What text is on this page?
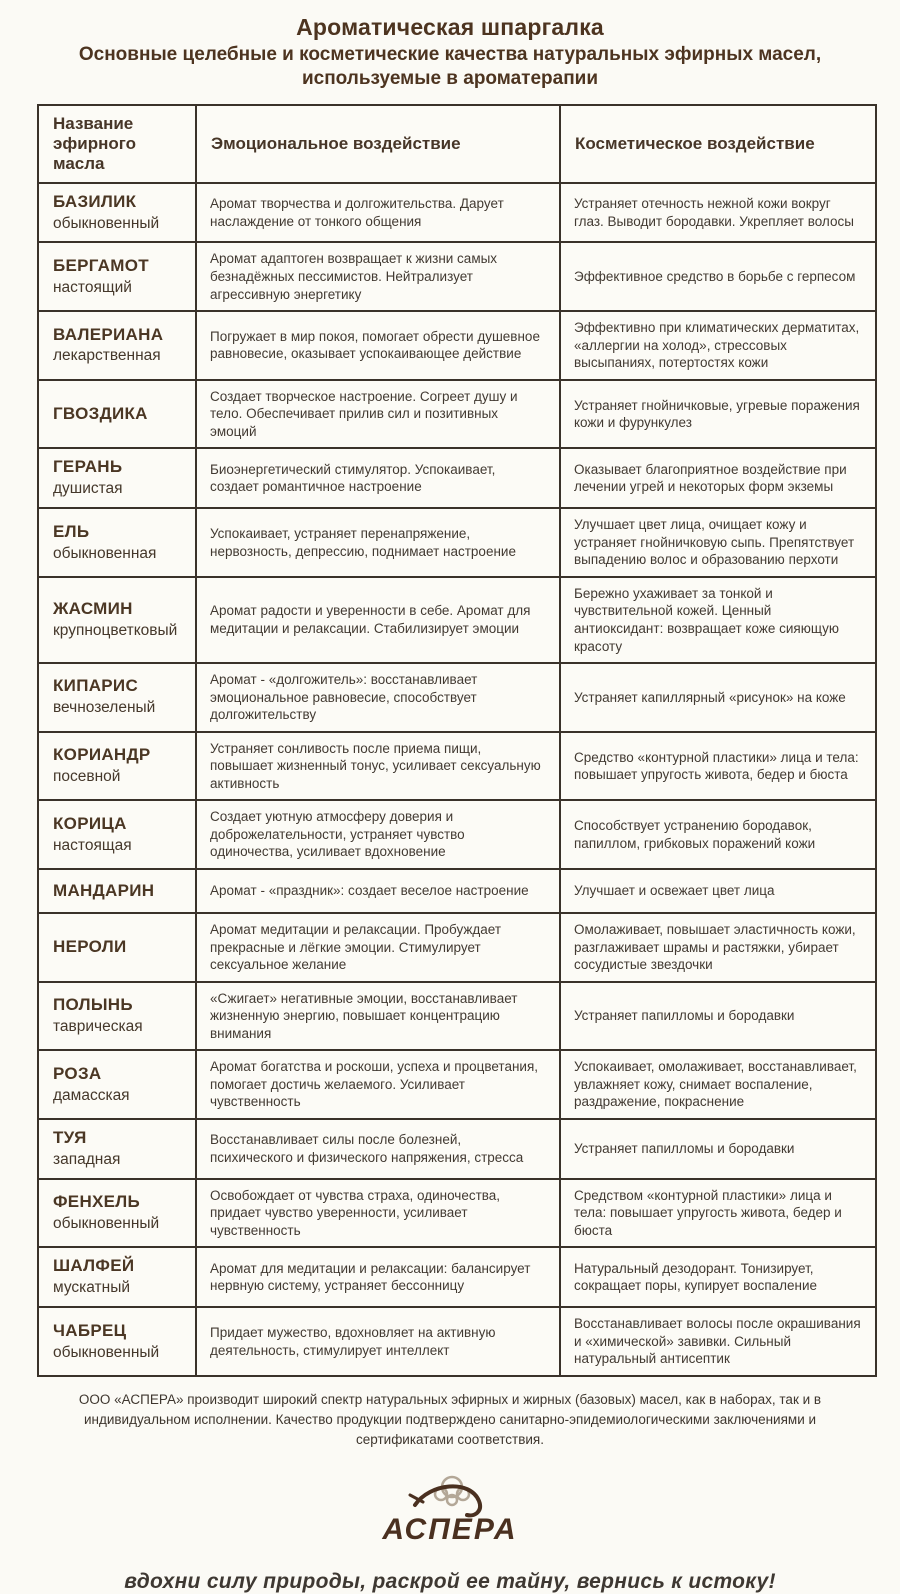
Ароматическая шпаргалка
Основные целебные и косметические качества натуральных эфирных масел, используемые в ароматерапии
Название эфирного масла	Эмоциональное воздействие	Косметическое воздействие

БАЗИЛИК
обыкновенный	Аромат творчества и долгожительства. Дарует наслаждение от тонкого общения	Устраняет отечность нежной кожи вокруг глаз. Выводит бородавки. Укрепляет волосы

БЕРГАМОТ
настоящий	Аромат адаптоген возвращает к жизни самых безнадёжных пессимистов. Нейтрализует агрессивную энергетику	Эффективное средство в борьбе с герпесом

ВАЛЕРИАНА
лекарственная	Погружает в мир покоя, помогает обрести душевное равновесие, оказывает успокаивающее действие	Эффективно при климатических дерматитах, «аллергии на холод», стрессовых высыпаниях, потертостях кожи

ГВОЗДИКА	Создает творческое настроение. Согреет душу и тело. Обеспечивает прилив сил и позитивных эмоций	Устраняет гнойничковые, угревые поражения кожи и фурункулез

ГЕРАНЬ
душистая	Биоэнергетический стимулятор. Успокаивает, создает романтичное настроение	Оказывает благоприятное воздействие при лечении угрей и некоторых форм экземы

ЕЛЬ
обыкновенная	Успокаивает, устраняет перенапряжение, нервозность, депрессию, поднимает настроение	Улучшает цвет лица, очищает кожу и устраняет гнойничковую сыпь. Препятствует выпадению волос и образованию перхоти

ЖАСМИН
крупноцветковый	Аромат радости и уверенности в себе. Аромат для медитации и релаксации. Стабилизирует эмоции	Бережно ухаживает за тонкой и чувствительной кожей. Ценный антиоксидант: возвращает коже сияющую красоту

КИПАРИС
вечнозеленый	Аромат - «долгожитель»: восстанавливает эмоциональное равновесие, способствует долгожительству	Устраняет капиллярный «рисунок» на коже

КОРИАНДР
посевной	Устраняет сонливость после приема пищи, повышает жизненный тонус, усиливает сексуальную активность	Средство «контурной пластики» лица и тела: повышает упругость живота, бедер и бюста

КОРИЦА
настоящая	Создает уютную атмосферу доверия и доброжелательности, устраняет чувство одиночества, усиливает вдохновение	Способствует устранению бородавок, папиллом, грибковых поражений кожи

МАНДАРИН	Аромат - «праздник»: создает веселое настроение	Улучшает и освежает цвет лица

НЕРОЛИ	Аромат медитации и релаксации. Пробуждает прекрасные и лёгкие эмоции. Стимулирует сексуальное желание	Омолаживает, повышает эластичность кожи, разглаживает шрамы и растяжки, убирает сосудистые звездочки

ПОЛЫНЬ
таврическая	«Сжигает» негативные эмоции, восстанавливает жизненную энергию, повышает концентрацию внимания	Устраняет папилломы и бородавки

РОЗА
дамасская	Аромат богатства и роскоши, успеха и процветания, помогает достичь желаемого. Усиливает чувственность	Успокаивает, омолаживает, восстанавливает, увлажняет кожу, снимает воспаление, раздражение, покраснение

ТУЯ
западная	Восстанавливает силы после болезней, психического и физического напряжения, стресса	Устраняет папилломы и бородавки

ФЕНХЕЛЬ
обыкновенный	Освобождает от чувства страха, одиночества, придает чувство уверенности, усиливает чувственность	Средством «контурной пластики» лица и тела: повышает упругость живота, бедер и бюста

ШАЛФЕЙ
мускатный	Аромат для медитации и релаксации: балансирует нервную систему, устраняет бессонницу	Натуральный дезодорант. Тонизирует, сокращает поры, купирует воспаление

ЧАБРЕЦ
обыкновенный	Придает мужество, вдохновляет на активную деятельность, стимулирует интеллект	Восстанавливает волосы после окрашивания и «химической» завивки. Сильный натуральный антисептик
ООО «АСПЕРА» производит широкий спектр натуральных эфирных и жирных (базовых) масел, как в наборах, так и в индивидуальном исполнении. Качество продукции подтверждено санитарно-эпидемиологическими заключениями и сертификатами соответствия.
АСПЕРА
вдохни силу природы, раскрой ее тайну, вернись к истоку!
